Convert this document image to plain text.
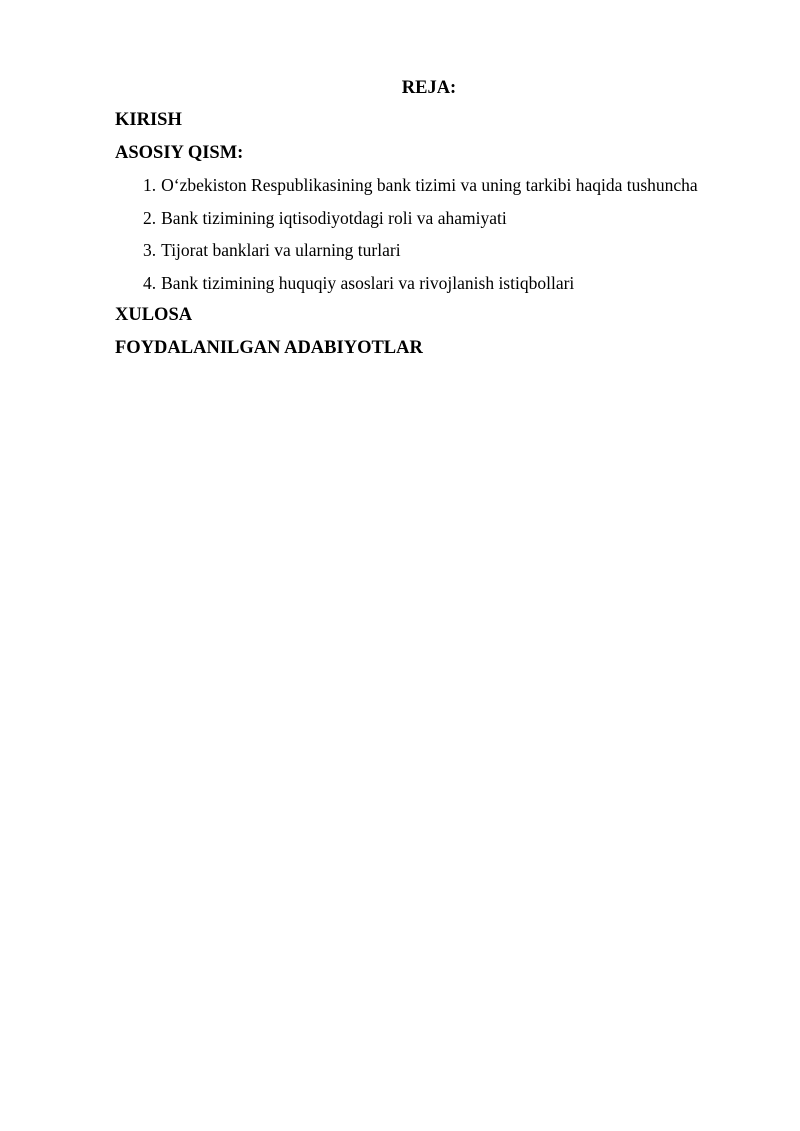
REJA:
KIRISH
ASOSIY QISM:
1. O‘zbekiston Respublikasining bank tizimi va uning tarkibi haqida tushuncha
2. Bank tizimining iqtisodiyotdagi roli va ahamiyati
3. Tijorat banklari va ularning turlari
4. Bank tizimining huquqiy asoslari va rivojlanish istiqbollari
XULOSA
FOYDALANILGAN ADABIYOTLAR
